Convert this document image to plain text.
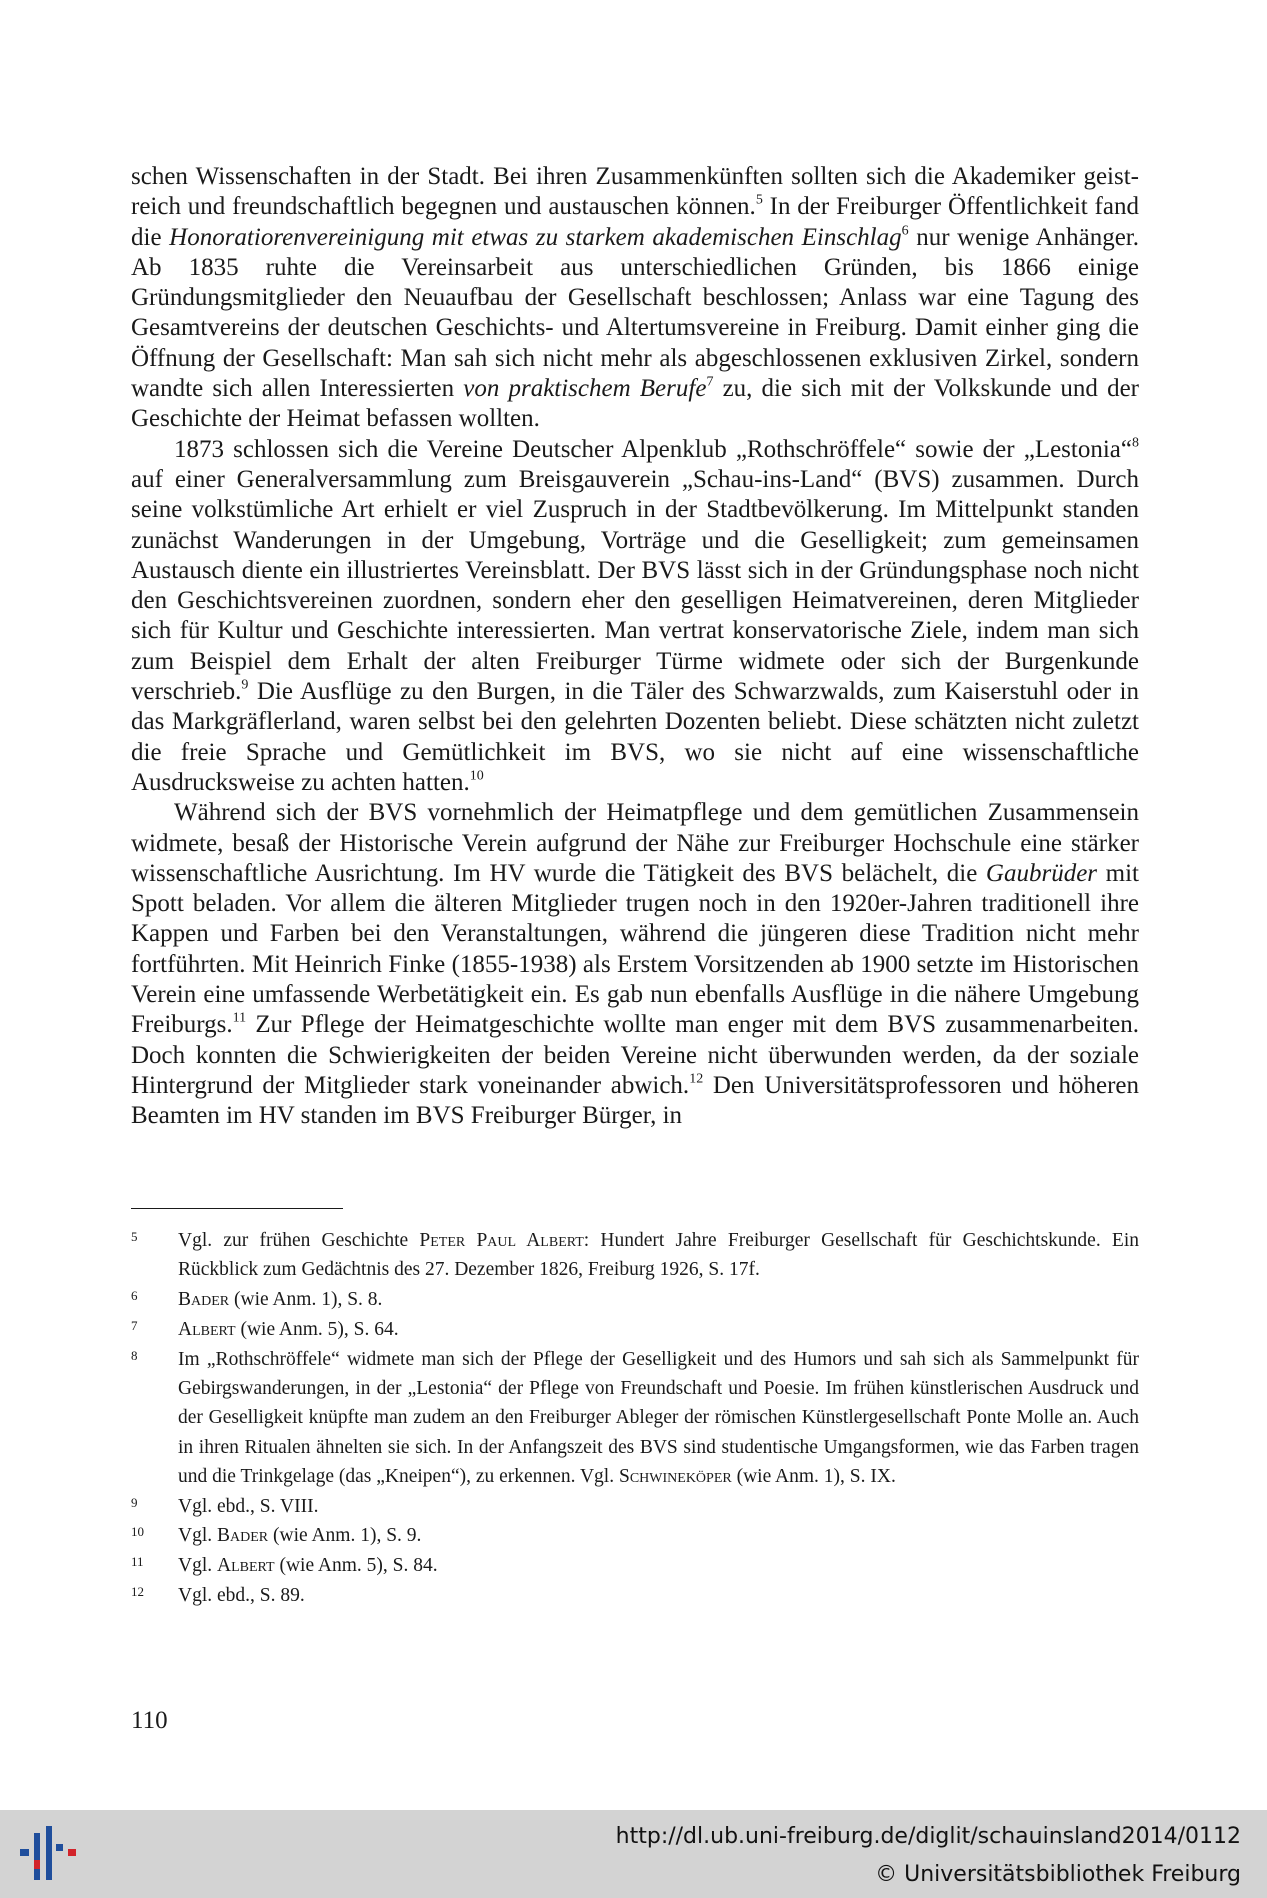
schen Wissenschaften in der Stadt. Bei ihren Zusammenkünften sollten sich die Akademiker geistreich und freundschaftlich begegnen und austauschen können.$^5$ In der Freiburger Öffentlichkeit fand die Honoratiorenvereinigung mit etwas zu starkem akademischen Einschlag$^6$ nur wenige Anhänger. Ab 1835 ruhte die Vereinsarbeit aus unterschiedlichen Gründen, bis 1866 einige Gründungsmitglieder den Neuaufbau der Gesellschaft beschlossen; Anlass war eine Tagung des Gesamtvereins der deutschen Geschichts- und Altertumsvereine in Freiburg. Damit einher ging die Öffnung der Gesellschaft: Man sah sich nicht mehr als abgeschlossenen exklusiven Zirkel, sondern wandte sich allen Interessierten von praktischem Berufe$^7$ zu, die sich mit der Volkskunde und der Geschichte der Heimat befassen wollten.

1873 schlossen sich die Vereine Deutscher Alpenklub „Rothschröffele“ sowie der „Lestonia“$^8$ auf einer Generalversammlung zum Breisgauverein „Schau-ins-Land“ (BVS) zusammen. Durch seine volkstümliche Art erhielt er viel Zuspruch in der Stadtbevölkerung. Im Mittelpunkt standen zunächst Wanderungen in der Umgebung, Vorträge und die Geselligkeit; zum gemeinsamen Austausch diente ein illustriertes Vereinsblatt. Der BVS lässt sich in der Gründungsphase noch nicht den Geschichtsvereinen zuordnen, sondern eher den geselligen Heimatvereinen, deren Mitglieder sich für Kultur und Geschichte interessierten. Man vertrat konservatorische Ziele, indem man sich zum Beispiel dem Erhalt der alten Freiburger Türme widmete oder sich der Burgenkunde verschrieb.$^9$ Die Ausflüge zu den Burgen, in die Täler des Schwarzwalds, zum Kaiserstuhl oder in das Markgräflerland, waren selbst bei den gelehrten Dozenten beliebt. Diese schätzten nicht zuletzt die freie Sprache und Gemütlichkeit im BVS, wo sie nicht auf eine wissenschaftliche Ausdrucksweise zu achten hatten.$^{10}$

Während sich der BVS vornehmlich der Heimatpflege und dem gemütlichen Zusammensein widmete, besaß der Historische Verein aufgrund der Nähe zur Freiburger Hochschule eine stärker wissenschaftliche Ausrichtung. Im HV wurde die Tätigkeit des BVS belächelt, die Gaubrüder mit Spott beladen. Vor allem die älteren Mitglieder trugen noch in den 1920er-Jahren traditionell ihre Kappen und Farben bei den Veranstaltungen, während die jüngeren diese Tradition nicht mehr fortführten. Mit Heinrich Finke (1855-1938) als Erstem Vorsitzenden ab 1900 setzte im Historischen Verein eine umfassende Werbetätigkeit ein. Es gab nun ebenfalls Ausflüge in die nähere Umgebung Freiburgs.$^{11}$ Zur Pflege der Heimatgeschichte wollte man enger mit dem BVS zusammenarbeiten. Doch konnten die Schwierigkeiten der beiden Vereine nicht überwunden werden, da der soziale Hintergrund der Mitglieder stark voneinander abwich.$^{12}$ Den Universitätsprofessoren und höheren Beamten im HV standen im BVS Freiburger Bürger, in

5 Vgl. zur frühen Geschichte Peter Paul Albert: Hundert Jahre Freiburger Gesellschaft für Geschichtskunde. Ein Rückblick zum Gedächtnis des 27. Dezember 1826, Freiburg 1926, S. 17f.
6 Bader (wie Anm. 1), S. 8.
7 Albert (wie Anm. 5), S. 64.
8 Im „Rothschröffele“ widmete man sich der Pflege der Geselligkeit und des Humors und sah sich als Sammelpunkt für Gebirgswanderungen, in der „Lestonia“ der Pflege von Freundschaft und Poesie. Im frühen künstlerischen Ausdruck und der Geselligkeit knüpfte man zudem an den Freiburger Ableger der römischen Künstlergesellschaft Ponte Molle an. Auch in ihren Ritualen ähnelten sie sich. In der Anfangszeit des BVS sind studentische Umgangsformen, wie das Farben tragen und die Trinkgelage (das „Kneipen“), zu erkennen. Vgl. Schwineköper (wie Anm. 1), S. IX.
9 Vgl. ebd., S. VIII.
10 Vgl. Bader (wie Anm. 1), S. 9.
11 Vgl. Albert (wie Anm. 5), S. 84.
12 Vgl. ebd., S. 89.
110
http://dl.ub.uni-freiburg.de/diglit/schauinsland2014/0112
© Universitätsbibliothek Freiburg
